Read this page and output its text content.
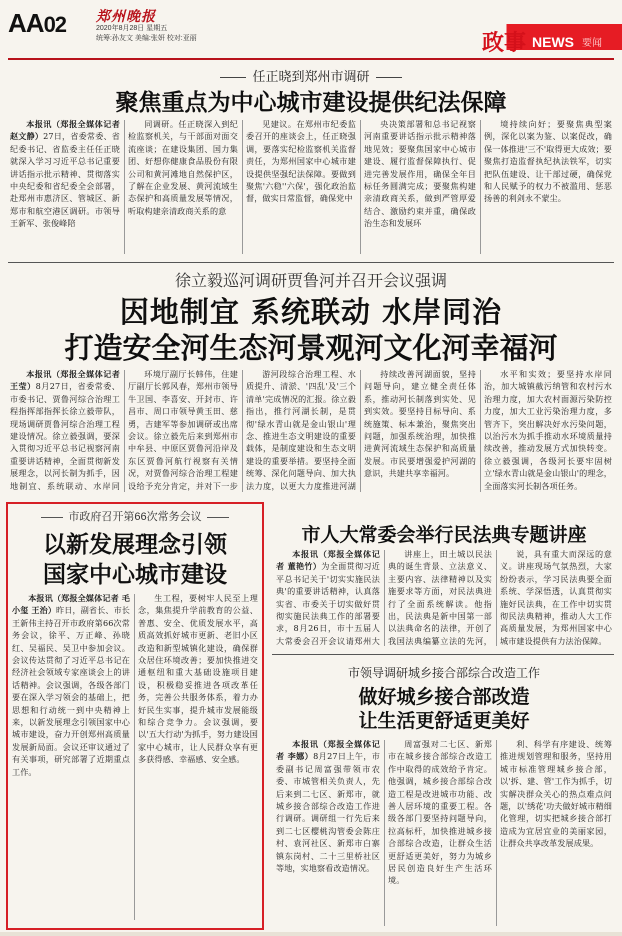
AA02 郑州晚报
2020年8月28日 星期五
统筹:孙友文 美编:张妍 校对:亚丽	政事 NEWS 要闻
任正晓到郑州市调研
聚焦重点为中心城市建设提供纪法保障

本报讯（郑报全媒体记者 赵文静）27日，省委常委、省纪委书记、省监委主任任正晓就深入学习习近平总书记重要讲话指示批示精神、贯彻落实中央纪委和省纪委全会部署，赴郑州市惠济区、管城区、新郑市和航空港区调研。市领导王新军、张俊峰陪

同调研。任正晓深入到纪检监察机关，与干部面对面交流座谈；在建设集团、国力集团、好想你健康食品股份有限公司和黄河滩地自然保护区，了解在企业发展、黄河流域生态保护和高质量发展等情况，听取构建亲清政商关系的意

见建议。在郑州市纪委监委召开的座谈会上，任正晓强调，要落实纪检监察机关监督责任，为郑州国家中心城市建设提供坚强纪法保障。要做到聚焦'六稳''六保'，强化政治监督，做实日常监督，确保党中

央决策部署和总书记视察河南重要讲话指示批示精神落地见效；要聚焦国家中心城市建设、履行监督保障执行、促进完善发展作用，确保全年目标任务圆满完成；要聚焦构建亲清政商关系，做到严管厚爱结合、激励约束并重，确保政治生态和发展环

境持续向好；要聚焦典型案例，深化以案为鉴、以案促改，确保一体推进'三不'取得更大成效；要聚焦打造监督执纪执法铁军，切实把队伍建设、让干部过硬，确保党和人民赋予的权力不被滥用、惩恶扬善的利剑永不蒙尘。

徐立毅巡河调研贾鲁河并召开会议强调
因地制宜 系统联动 水岸同治
打造安全河生态河景观河文化河幸福河

本报讯（郑报全媒体记者 王莹）8月27日，省委常委、市委书记、贾鲁河综合治理工程指挥部指挥长徐立毅带队，现场调研贾鲁河综合治理工程建设情况。徐立毅强调，要深入贯彻习近平总书记视察河南重要讲话精神，全面贯彻新发展理念，以河长制为抓手，因地制宜、系统联动、水岸同

环境厅副厅长韩伟，住建厅副厅长郭风春，郑州市领导牛卫国、李喜安、开封市、许昌市、周口市领导黄玉田、慈勇，吉建军等参加调研或出席会议。徐立毅先后来到郑州市中牟县、中原区贾鲁河沿岸及东区贾鲁河航行视察有关情况，对贾鲁河综合治理工程建设给予充分肯定，并对下一步

游河段综合治理工程、水质提升、清淤、'四乱'及'三个清单'完成情况的汇报。徐立毅指出，推行河湖长制，是贯彻'绿水青山就是金山银山'理念、推进生态文明建设的重要载体，是制度建设和生态文明建设的重要举措。要坚持全面统筹、深化问题导向、加大执法力度，以更大力度推进河湖

持续改善河湖面貌，坚持问题导向，建立健全责任体系，推动河长制落到实处、见到实效。要坚持目标导向、系统施策、标本兼治，聚焦突出问题，加强系统治理，加快推进黄河流域生态保护和高质量发展。市民要增强爱护河湖的意识，共建共享幸福河。

水平和实效；要坚持水岸同治，加大城镇截污纳管和农村污水治理力度，加大农村面源污染防控力度，加大工业污染治理力度，多管齐下，突出解决好水污染问题，以治污水为抓手推动水环境质量持续改善，推动发展方式加快转变。徐立毅强调，各级河长要牢固树立'绿水青山就是金山银山'的理念，全面落实河长制各项任务。

市政府召开第66次常务会议
以新发展理念引领
国家中心城市建设

本报讯（郑报全媒体记者 毛小玺 王治）昨日，副省长、市长王新伟主持召开市政府第66次常务会议，徐平、万正峰、孙晓红、吴福民、吴卫中参加会议。会议传达贯彻了习近平总书记在经济社会领域专家座谈会上的讲话精神。会议强调，各级各部门要在深入学习领会的基础上，把思想和行动统一到中央精神上来，以新发展理念引领国家中心城市建设，奋力开创郑州高质量发展新局面。会议还审议通过了有关事项，研究部署了近期重点工作。

生工程，要树牢人民至上理念，集焦提升学前教育的公益、普惠、安全、优质发展水平，高质高效抓好城市更新、老旧小区改造和新型城镇化建设，确保群众居住环境改善；要加快推进交通枢纽和重大基础设施项目建设，积极稳妥推进各项改革任务，完善公共服务体系，着力办好民生实事，提升城市发展能级和综合竞争力。会议强调，要以'五大行动'为抓手，努力建设国家中心城市，让人民群众享有更多获得感、幸福感、安全感。

市人大常委会举行民法典专题讲座

本报讯（郑报全媒体记者 董艳竹）为全面贯彻习近平总书记关于'切实实施民法典'的重要讲话精神，认真落实省、市委关于切实做好贯彻实施民法典工作的部署要求，8月26日，市十五届人大常委会召开会议请郑州大

讲座上，田土城以民法典的诞生背景、立法意义、主要内容、法律精神以及实施要求等方面，对民法典进行了全面系统解读。他指出，民法典是新中国第一部以法典命名的法律，开创了我国法典编纂立法的先河，

说，具有重大而深远的意义。讲座现场气氛热烈，大家纷纷表示，学习民法典要全面系统、学深悟透，认真贯彻实施好民法典，在工作中切实贯彻民法典精神，推动人大工作高质量发展，为郑州国家中心城市建设提供有力法治保障。

市领导调研城乡接合部综合改造工作
做好城乡接合部改造
让生活更舒适更美好

本报讯（郑报全媒体记者 李娜）8月27日上午，市委副书记周富强带领市农委、市城管相关负责人，先后来到二七区、新郑市，就城乡接合部综合改造工作进行调研。调研组一行先后来到二七区樱桃沟管委会陈庄村、袁河社区、新郑市白寨镇东岗村、二十三里桥社区等地，实地察看改造情况。

周富强对二七区、新郑市在城乡接合部综合改造工作中取得的成效给予肯定。他强调，城乡接合部综合改造工程是改进城市功能、改善人居环境的重要工程。各级各部门要坚持问题导向，拉高标杆，加快推进城乡接合部综合改造，让群众生活更舒适更美好，努力为城乡居民创造良好生产生活环境。

利、科学有序建设、统筹推进规划管理和服务，坚持用城市标准管理城乡接合部，以'拆、建、管'工作为抓手，切实解决群众关心的热点难点问题，以'绣花'功夫做好城市精细化管理，切实把城乡接合部打造成为宜居宜业的美丽家园，让群众共享改革发展成果。
